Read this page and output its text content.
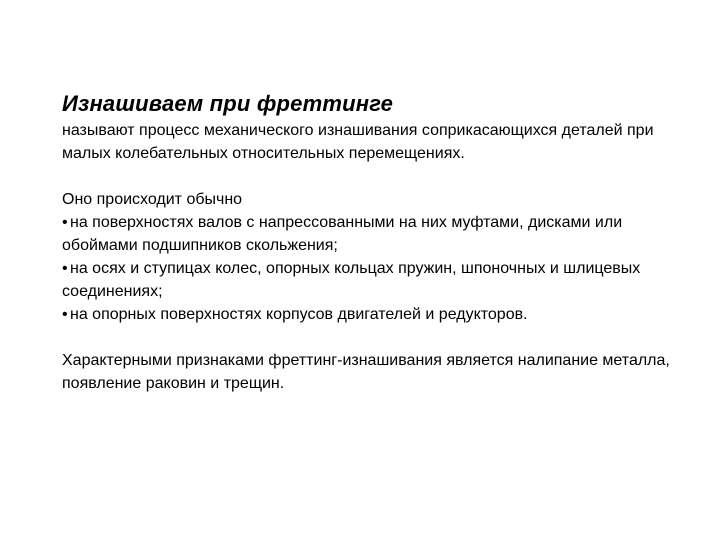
Изнашиваем при фреттинге

называют процесс механического изнашивания соприкасающихся деталей при малых колебательных относительных перемещениях.

Оно происходит обычно

• на поверхностях валов с напрессованными на них муфтами, дисками или обоймами подшипников скольжения;
• на осях и ступицах колес, опорных кольцах пружин, шпоночных и шлицевых соединениях;
• на опорных поверхностях корпусов двигателей и редукторов.

Характерными признаками фреттинг-изнашивания является налипание металла, появление раковин и трещин.
